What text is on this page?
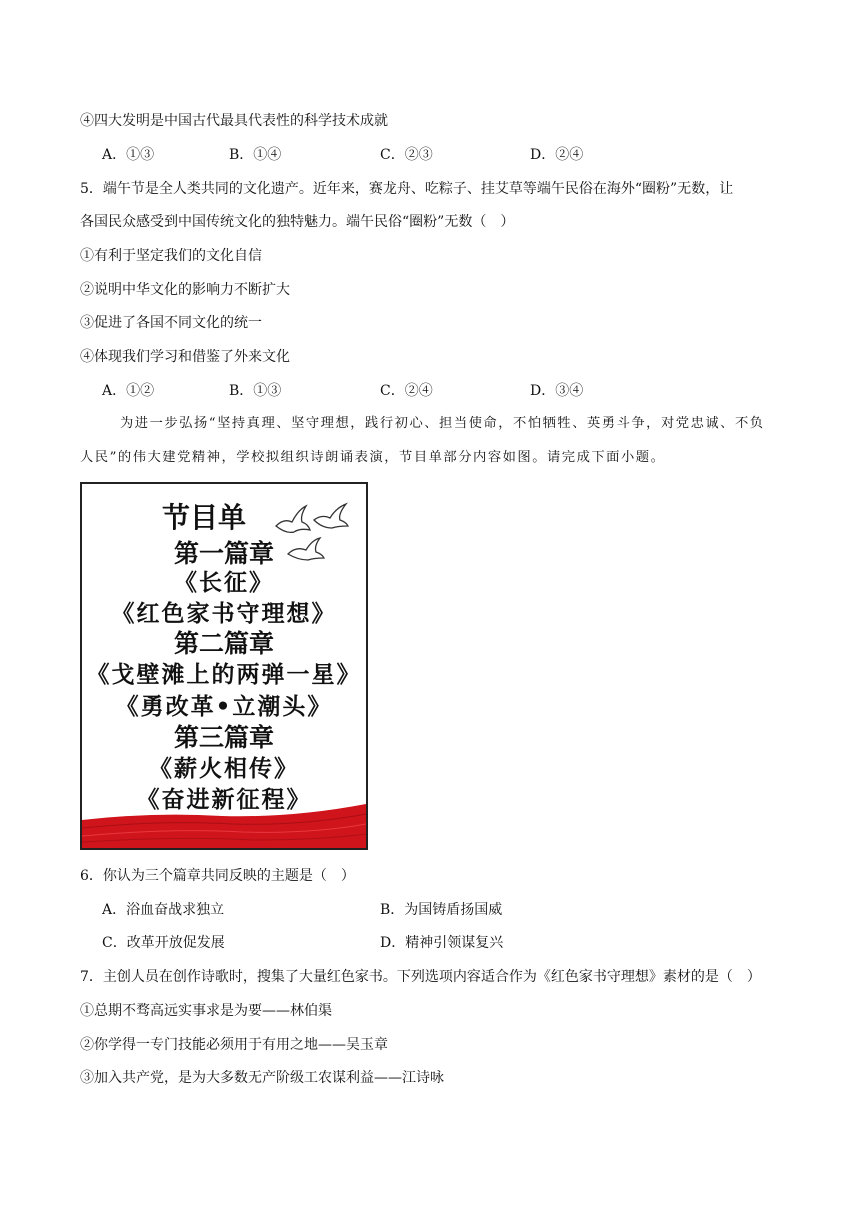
④四大发明是中国古代最具代表性的科学技术成就
A．①③	B．①④	C．②③	D．②④
5．端午节是全人类共同的文化遗产。近年来，赛龙舟、吃粽子、挂艾草等端午民俗在海外“圈粉”无数，让
各国民众感受到中国传统文化的独特魅力。端午民俗“圈粉”无数（　）
①有利于坚定我们的文化自信
②说明中华文化的影响力不断扩大
③促进了各国不同文化的统一
④体现我们学习和借鉴了外来文化
A．①②	B．①③	C．②④	D．③④
为进一步弘扬“坚持真理、坚守理想，践行初心、担当使命，不怕牺牲、英勇斗争，对党忠诚、不负
人民”的伟大建党精神，学校拟组织诗朗诵表演，节目单部分内容如图。请完成下面小题。
节目单
第一篇章
《长征》
《红色家书守理想》
第二篇章
《戈壁滩上的两弹一星》
《勇改革•立潮头》
第三篇章
《薪火相传》
《奋进新征程》
6．你认为三个篇章共同反映的主题是（　）
A．浴血奋战求独立	B．为国铸盾扬国威
C．改革开放促发展	D．精神引领谋复兴
7．主创人员在创作诗歌时，搜集了大量红色家书。下列选项内容适合作为《红色家书守理想》素材的是（　）
①总期不骛高远实事求是为要——林伯渠
②你学得一专门技能必须用于有用之地——吴玉章
③加入共产党，是为大多数无产阶级工农谋利益——江诗咏
